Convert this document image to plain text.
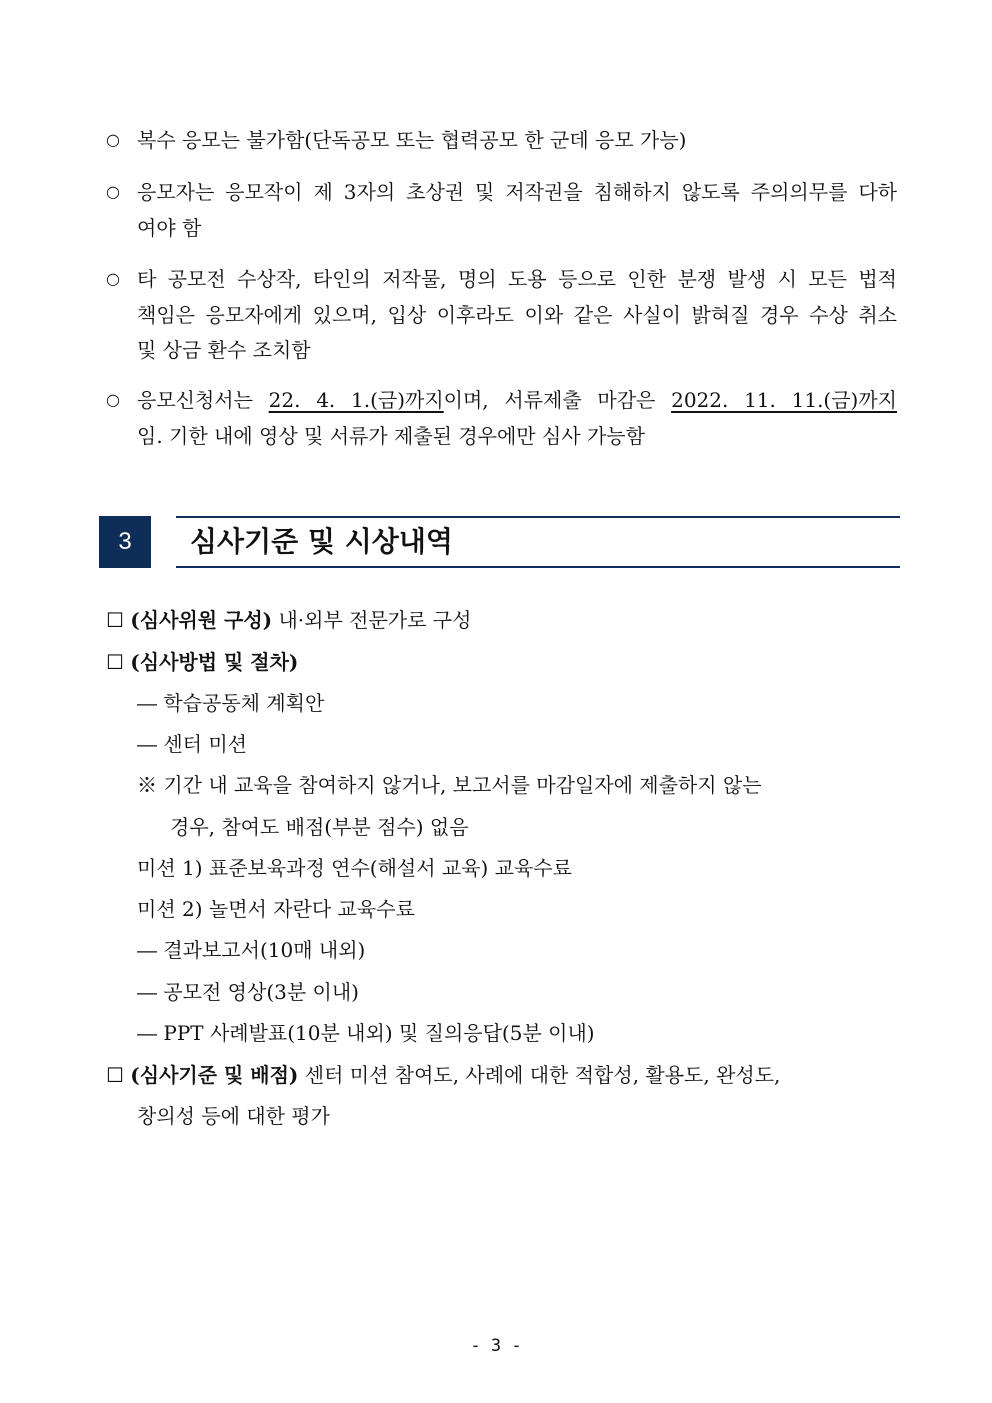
○ 복수 응모는 불가함(단독공모 또는 협력공모 한 군데 응모 가능)
○ 응모자는 응모작이 제 3자의 초상권 및 저작권을 침해하지 않도록 주의의무를 다하
여야 함
○ 타 공모전 수상작, 타인의 저작물, 명의 도용 등으로 인한 분쟁 발생 시 모든 법적
책임은 응모자에게 있으며, 입상 이후라도 이와 같은 사실이 밝혀질 경우 수상 취소
및 상금 환수 조치함
○ 응모신청서는 22. 4. 1.(금)까지이며, 서류제출 마감은 2022. 11. 11.(금)까지
임. 기한 내에 영상 및 서류가 제출된 경우에만 심사 가능함
3	심사기준 및 시상내역
☐ (심사위원 구성) 내·외부 전문가로 구성
☐ (심사방법 및 절차)
― 학습공동체 계획안
― 센터 미션
※ 기간 내 교육을 참여하지 않거나, 보고서를 마감일자에 제출하지 않는
경우, 참여도 배점(부분 점수) 없음
미션 1) 표준보육과정 연수(해설서 교육) 교육수료
미션 2) 놀면서 자란다 교육수료
― 결과보고서(10매 내외)
― 공모전 영상(3분 이내)
― PPT 사례발표(10분 내외) 및 질의응답(5분 이내)
☐ (심사기준 및 배점) 센터 미션 참여도, 사례에 대한 적합성, 활용도, 완성도,
창의성 등에 대한 평가
- 3 -
